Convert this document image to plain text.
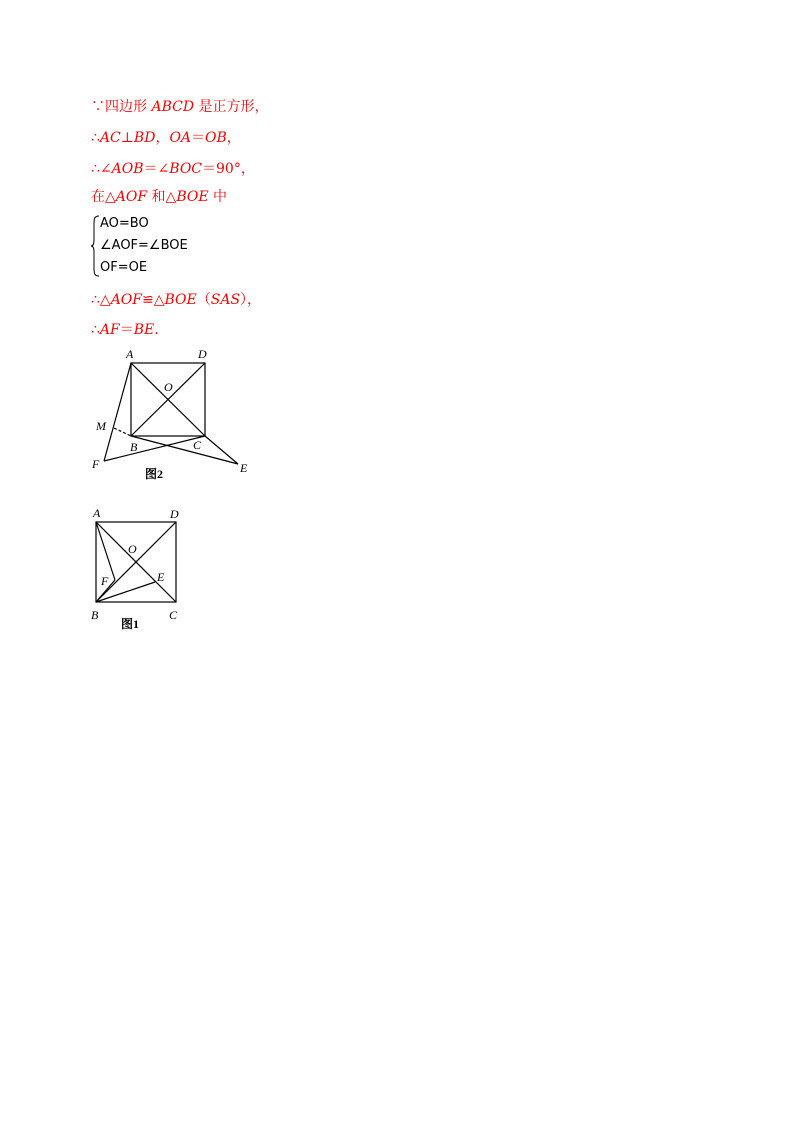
∵四边形 ABCD 是正方形，
∴AC⊥BD，OA＝OB，
∴∠AOB＝∠BOC＝90°，
在△AOF 和△BOE 中
AO=BO
∠AOF=∠BOE
OF=OE
∴△AOF≌△BOE（SAS），
∴AF＝BE.
A	D
O
M
B	C
F	E
图2
A	D
O
F	E
B	C
图1
